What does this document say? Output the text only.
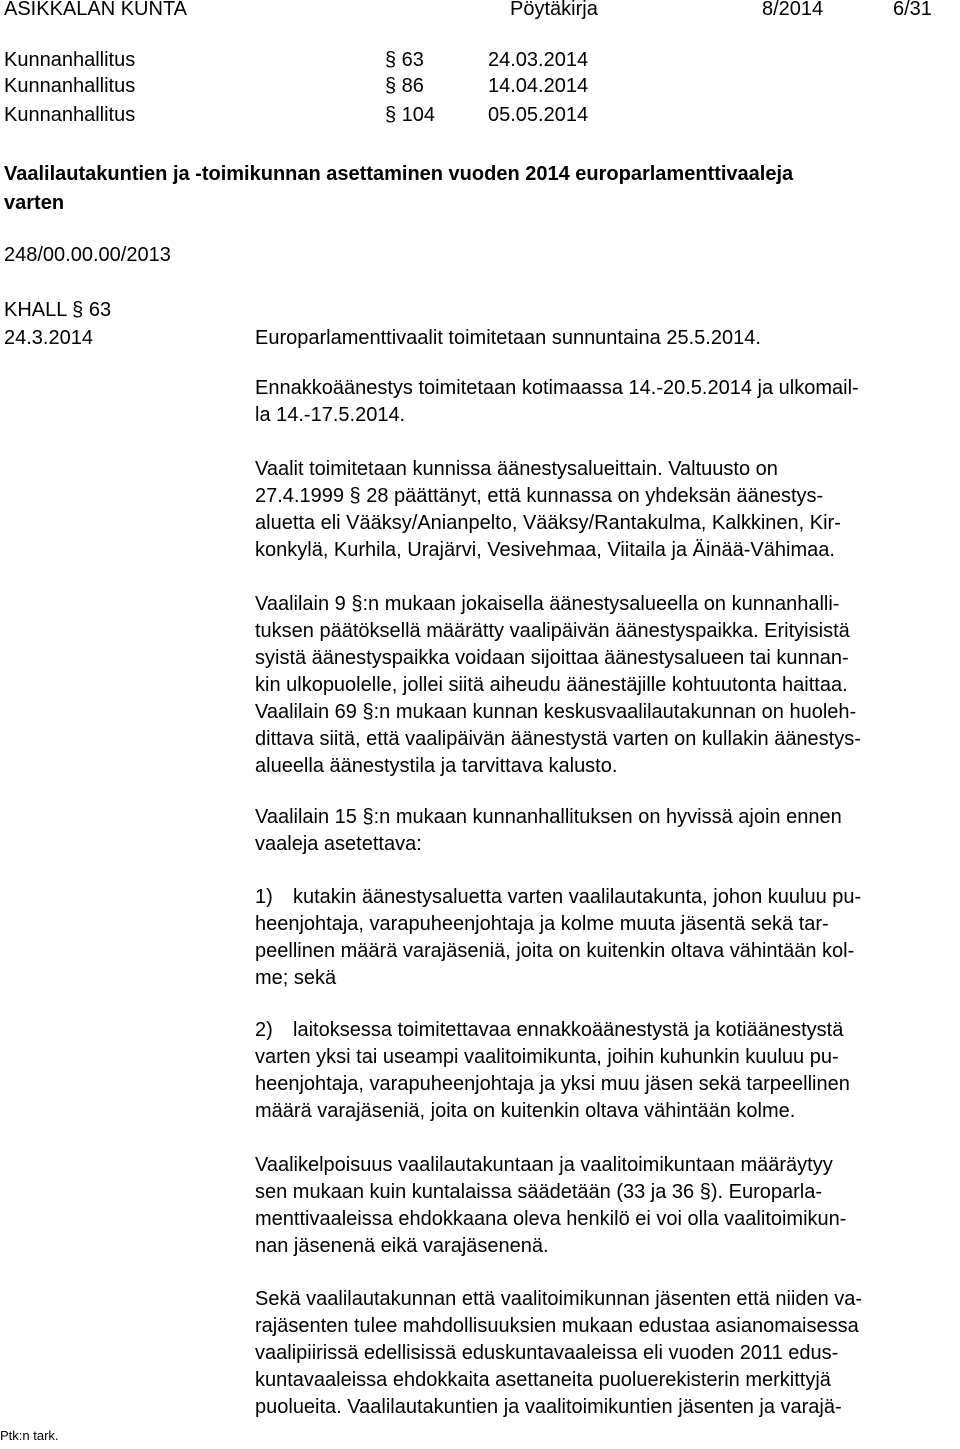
ASIKKALAN KUNTA	Pöytäkirja	8/2014	6/31
Kunnanhallitus	§ 63	24.03.2014
Kunnanhallitus	§ 86	14.04.2014
Kunnanhallitus	§ 104	05.05.2014
Vaalilautakuntien ja -toimikunnan asettaminen vuoden 2014 europarlamenttivaaleja
varten
248/00.00.00/2013
KHALL § 63
24.3.2014	Europarlamenttivaalit toimitetaan sunnuntaina 25.5.2014.
Ennakkoäänestys toimitetaan kotimaassa 14.-20.5.2014 ja ulkomail-
la 14.-17.5.2014.
Vaalit toimitetaan kunnissa äänestysalueittain. Valtuusto on
27.4.1999 § 28 päättänyt, että kunnassa on yhdeksän äänestys-
aluetta eli Vääksy/Anianpelto, Vääksy/Rantakulma, Kalkkinen, Kir-
konkylä, Kurhila, Urajärvi, Vesivehmaa, Viitaila ja Äinää-Vähimaa.
Vaalilain 9 §:n mukaan jokaisella äänestysalueella on kunnanhalli-
tuksen päätöksellä määrätty vaalipäivän äänestyspaikka. Erityisistä
syistä äänestyspaikka voidaan sijoittaa äänestysalueen tai kunnan-
kin ulkopuolelle, jollei siitä aiheudu äänestäjille kohtuutonta haittaa.
Vaalilain 69 §:n mukaan kunnan keskusvaalilautakunnan on huoleh-
dittava siitä, että vaalipäivän äänestystä varten on kullakin äänestys-
alueella äänestystila ja tarvittava kalusto.
Vaalilain 15 §:n mukaan kunnanhallituksen on hyvissä ajoin ennen
vaaleja asetettava:
1)	kutakin äänestysaluetta varten vaalilautakunta, johon kuuluu pu-
heenjohtaja, varapuheenjohtaja ja kolme muuta jäsentä sekä tar-
peellinen määrä varajäseniä, joita on kuitenkin oltava vähintään kol-
me; sekä
2)	laitoksessa toimitettavaa ennakkoäänestystä ja kotiäänestystä
varten yksi tai useampi vaalitoimikunta, joihin kuhunkin kuuluu pu-
heenjohtaja, varapuheenjohtaja ja yksi muu jäsen sekä tarpeellinen
määrä varajäseniä, joita on kuitenkin oltava vähintään kolme.
Vaalikelpoisuus vaalilautakuntaan ja vaalitoimikuntaan määräytyy
sen mukaan kuin kuntalaissa säädetään (33 ja 36 §). Europarla-
menttivaaleissa ehdokkaana oleva henkilö ei voi olla vaalitoimikun-
nan jäsenenä eikä varajäsenenä.
Sekä vaalilautakunnan että vaalitoimikunnan jäsenten että niiden va-
rajäsenten tulee mahdollisuuksien mukaan edustaa asianomaisessa
vaalipiirissä edellisissä eduskuntavaaleissa eli vuoden 2011 edus-
kuntavaaleissa ehdokkaita asettaneita puoluerekisterin merkittyjä
puolueita. Vaalilautakuntien ja vaalitoimikuntien jäsenten ja varajä-
Ptk:n tark.
